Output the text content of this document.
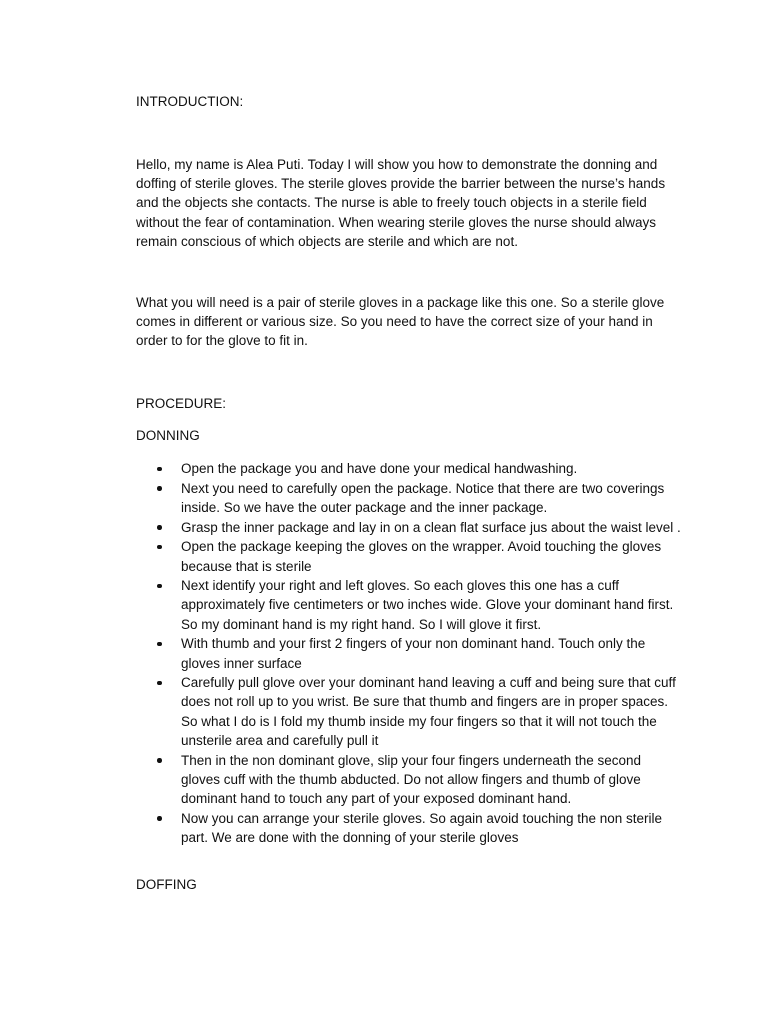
INTRODUCTION:

Hello, my name is Alea Puti. Today I will show you how to demonstrate the donning and doffing of sterile gloves. The sterile gloves provide the barrier between the nurse’s hands and the objects she contacts. The nurse is able to freely touch objects in a sterile field without the fear of contamination. When wearing sterile gloves the nurse should always remain conscious of which objects are sterile and which are not.

What you will need is a pair of sterile gloves in a package like this one. So a sterile glove comes in different or various size. So you need to have the correct size of your hand in order to for the glove to fit in.

PROCEDURE:
DONNING
Open the package you and have done your medical handwashing.
Next you need to carefully open the package. Notice that there are two coverings inside. So we have the outer package and the inner package.
Grasp the inner package and lay in on a clean flat surface jus about the waist level .
Open the package keeping the gloves on the wrapper. Avoid touching the gloves because that is sterile
Next identify your right and left gloves. So each gloves this one has a cuff approximately five centimeters or two inches wide. Glove your dominant hand first. So my dominant hand is my right hand. So I will glove it first.
With thumb and your first 2 fingers of your non dominant hand. Touch only the gloves inner surface
Carefully pull glove over your dominant hand leaving a cuff and being sure that cuff does not roll up to you wrist. Be sure that thumb and fingers are in proper spaces. So what I do is I fold my thumb inside my four fingers so that it will not touch the unsterile area and carefully pull it
Then in the non dominant glove, slip your four fingers underneath the second gloves cuff with the thumb abducted. Do not allow fingers and thumb of glove dominant hand to touch any part of your exposed dominant hand.
Now you can arrange your sterile gloves. So again avoid touching the non sterile part. We are done with the donning of your sterile gloves
DOFFING
